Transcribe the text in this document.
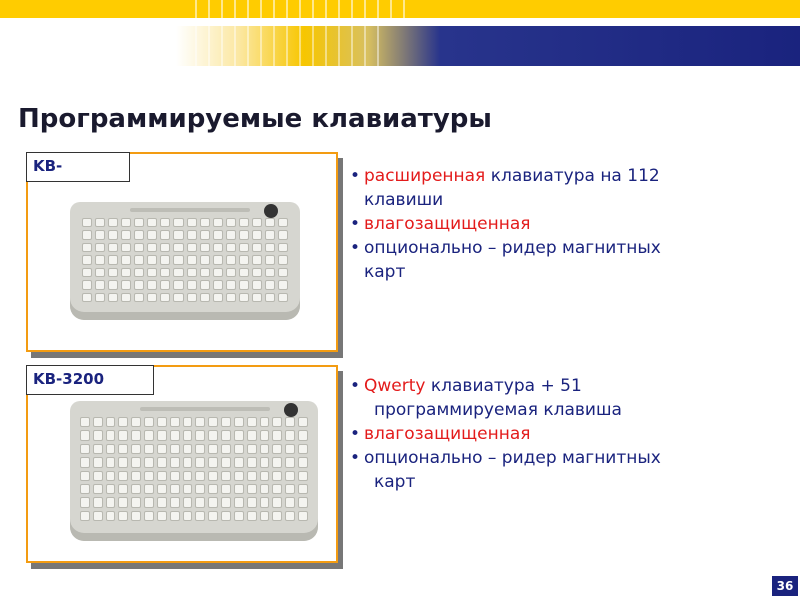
Программируемые клавиатуры
KB-	• расширенная клавиатура на 112
клавиши
• влагозащищенная
• опционально – ридер магнитных
карт
KB-3200	• Qwerty клавиатура + 51
программируемая клавиша
• влагозащищенная
• опционально – ридер магнитных
карт
36
